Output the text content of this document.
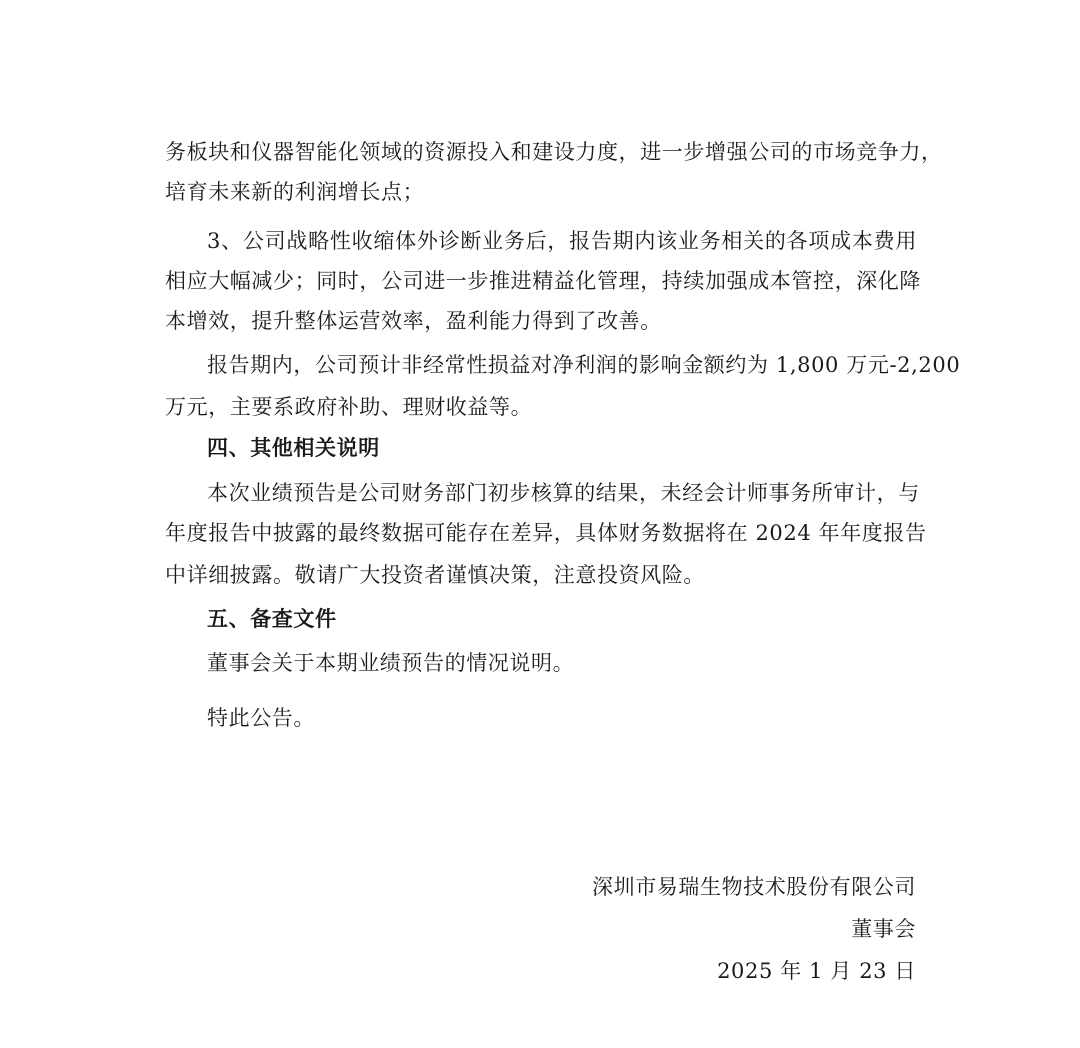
务板块和仪器智能化领域的资源投入和建设力度，进一步增强公司的市场竞争力，
培育未来新的利润增长点；
3、公司战略性收缩体外诊断业务后，报告期内该业务相关的各项成本费用
相应大幅减少；同时，公司进一步推进精益化管理，持续加强成本管控，深化降
本增效，提升整体运营效率，盈利能力得到了改善。
报告期内，公司预计非经常性损益对净利润的影响金额约为 1,800 万元-2,200
万元，主要系政府补助、理财收益等。
四、其他相关说明
本次业绩预告是公司财务部门初步核算的结果，未经会计师事务所审计，与
年度报告中披露的最终数据可能存在差异，具体财务数据将在 2024 年年度报告
中详细披露。敬请广大投资者谨慎决策，注意投资风险。
五、备查文件
董事会关于本期业绩预告的情况说明。
特此公告。
深圳市易瑞生物技术股份有限公司
董事会
2025 年 1 月 23 日
